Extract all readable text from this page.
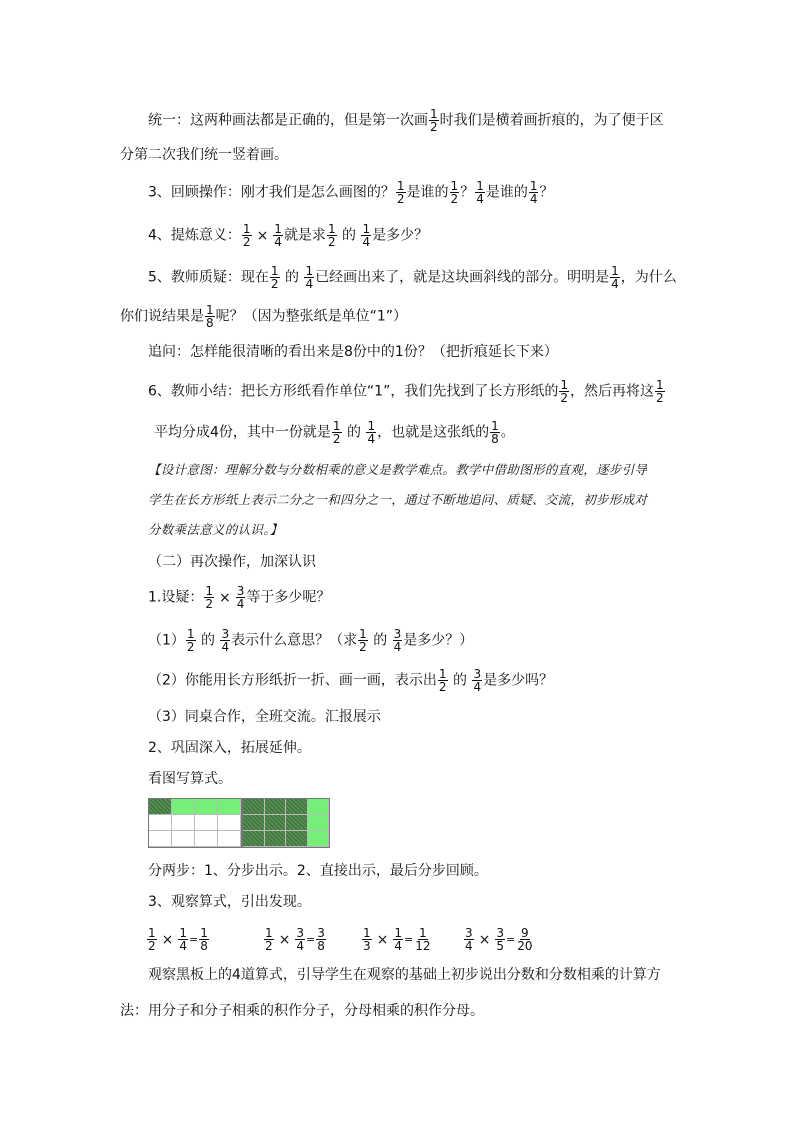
统一：这两种画法都是正确的，但是第一次画 $\frac{1}{2}$ 时我们是横着画折痕的，为了便于区
分第二次我们统一竖着画。
3、回顾操作：刚才我们是怎么画图的？ $\frac{1}{2}$ 是谁的 $\frac{1}{2}$ ？ $\frac{1}{4}$ 是谁的 $\frac{1}{4}$ ？
4、提炼意义： $\frac{1}{2} \times \frac{1}{4}$ 就是求 $\frac{1}{2}$ 的 $\frac{1}{4}$ 是多少？
5、教师质疑：现在 $\frac{1}{2}$ 的 $\frac{1}{4}$ 已经画出来了，就是这块画斜线的部分。明明是 $\frac{1}{4}$ ，为什么
你们说结果是 $\frac{1}{8}$ 呢？（因为整张纸是单位“1”）
追问：怎样能很清晰的看出来是8份中的1份？（把折痕延长下来）
6、教师小结：把长方形纸看作单位“1”，我们先找到了长方形纸的 $\frac{1}{2}$ ，然后再将这 $\frac{1}{2}$
平均分成4份，其中一份就是 $\frac{1}{2}$ 的 $\frac{1}{4}$ ，也就是这张纸的 $\frac{1}{8}$ 。
【设计意图：理解分数与分数相乘的意义是教学难点。教学中借助图形的直观，逐步引导学生在长方形纸上表示二分之一和四分之一，通过不断地追问、质疑、交流，初步形成对分数乘法意义的认识。】
（二）再次操作，加深认识
1.设疑： $\frac{1}{2} \times \frac{3}{4}$ 等于多少呢？
$(1) \frac{1}{2}$ 的 $\frac{3}{4}$ 表示什么意思？（求 $\frac{1}{2}$ 的 $\frac{3}{4}$ 是多少？）
（2）你能用长方形纸折一折、画一画，表示出 $\frac{1}{2}$ 的 $\frac{3}{4}$ 是多少吗？
（3）同桌合作，全班交流。汇报展示
2、巩固深入，拓展延伸。
看图写算式。
分两步：1、分步出示。2、直接出示，最后分步回顾。
3、观察算式，引出发现。
$\frac{1}{2} \times \frac{1}{4} = \frac{1}{8}$	$\frac{1}{2} \times \frac{3}{4} = \frac{3}{8}$	$\frac{1}{3} \times \frac{1}{4} = \frac{1}{12}$	$\frac{3}{4} \times \frac{3}{5} = \frac{9}{20}$
观察黑板上的4道算式，引导学生在观察的基础上初步说出分数和分数相乘的计算方
法：用分子和分子相乘的积作分子，分母相乘的积作分母。
